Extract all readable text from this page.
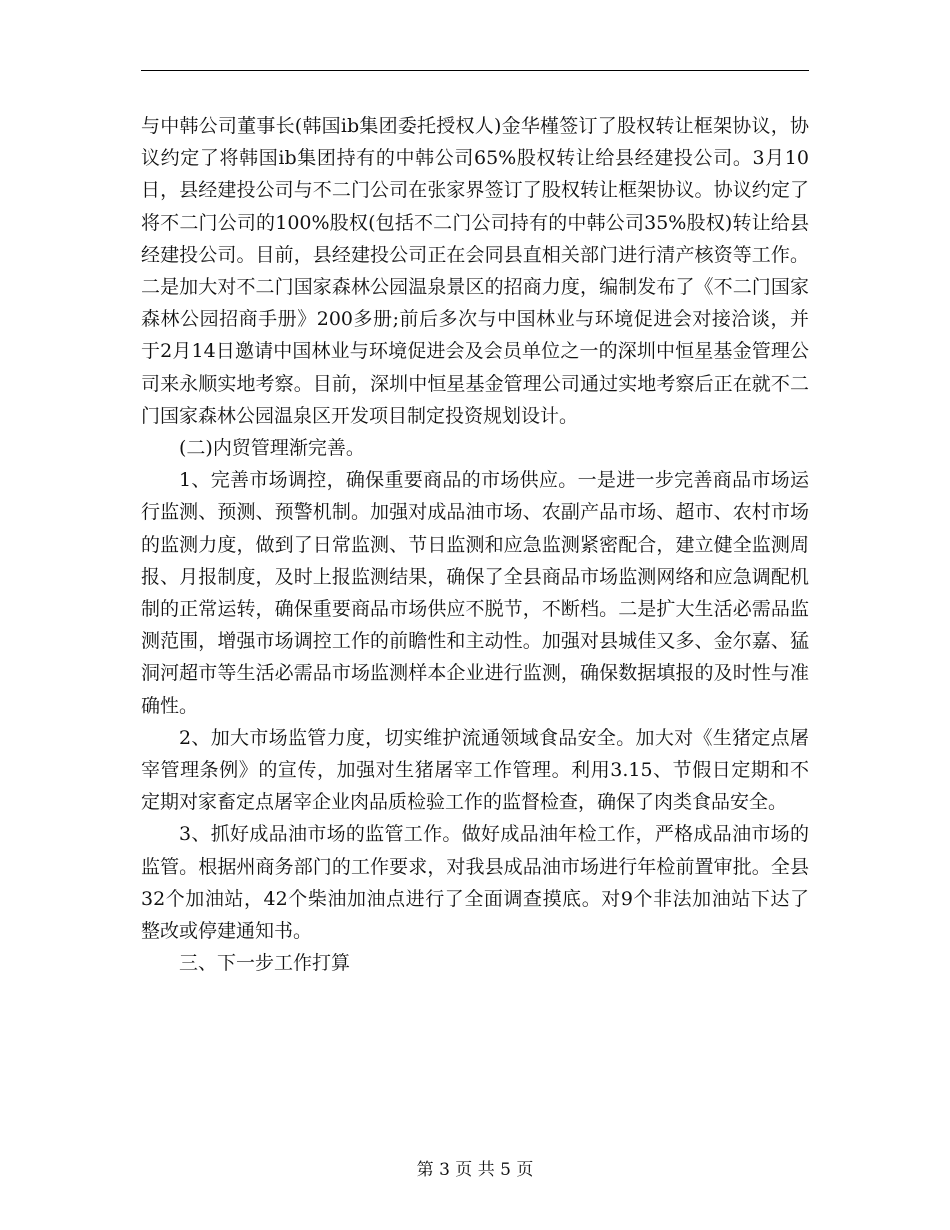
与中韩公司董事长(韩国ib集团委托授权人)金华槿签订了股权转让框架协议，协议约定了将韩国ib集团持有的中韩公司65%股权转让给县经建投公司。3月10日，县经建投公司与不二门公司在张家界签订了股权转让框架协议。协议约定了将不二门公司的100%股权(包括不二门公司持有的中韩公司35%股权)转让给县经建投公司。目前，县经建投公司正在会同县直相关部门进行清产核资等工作。二是加大对不二门国家森林公园温泉景区的招商力度，编制发布了《不二门国家森林公园招商手册》200多册;前后多次与中国林业与环境促进会对接洽谈，并于2月14日邀请中国林业与环境促进会及会员单位之一的深圳中恒星基金管理公司来永顺实地考察。目前，深圳中恒星基金管理公司通过实地考察后正在就不二门国家森林公园温泉区开发项目制定投资规划设计。

(二)内贸管理渐完善。

1、完善市场调控，确保重要商品的市场供应。一是进一步完善商品市场运行监测、预测、预警机制。加强对成品油市场、农副产品市场、超市、农村市场的监测力度，做到了日常监测、节日监测和应急监测紧密配合，建立健全监测周报、月报制度，及时上报监测结果，确保了全县商品市场监测网络和应急调配机制的正常运转，确保重要商品市场供应不脱节，不断档。二是扩大生活必需品监测范围，增强市场调控工作的前瞻性和主动性。加强对县城佳又多、金尔嘉、猛洞河超市等生活必需品市场监测样本企业进行监测，确保数据填报的及时性与准确性。

2、加大市场监管力度，切实维护流通领域食品安全。加大对《生猪定点屠宰管理条例》的宣传，加强对生猪屠宰工作管理。利用3.15、节假日定期和不定期对家畜定点屠宰企业肉品质检验工作的监督检查，确保了肉类食品安全。

3、抓好成品油市场的监管工作。做好成品油年检工作，严格成品油市场的监管。根据州商务部门的工作要求，对我县成品油市场进行年检前置审批。全县32个加油站，42个柴油加油点进行了全面调查摸底。对9个非法加油站下达了整改或停建通知书。

三、下一步工作打算

第 3 页 共 5 页
